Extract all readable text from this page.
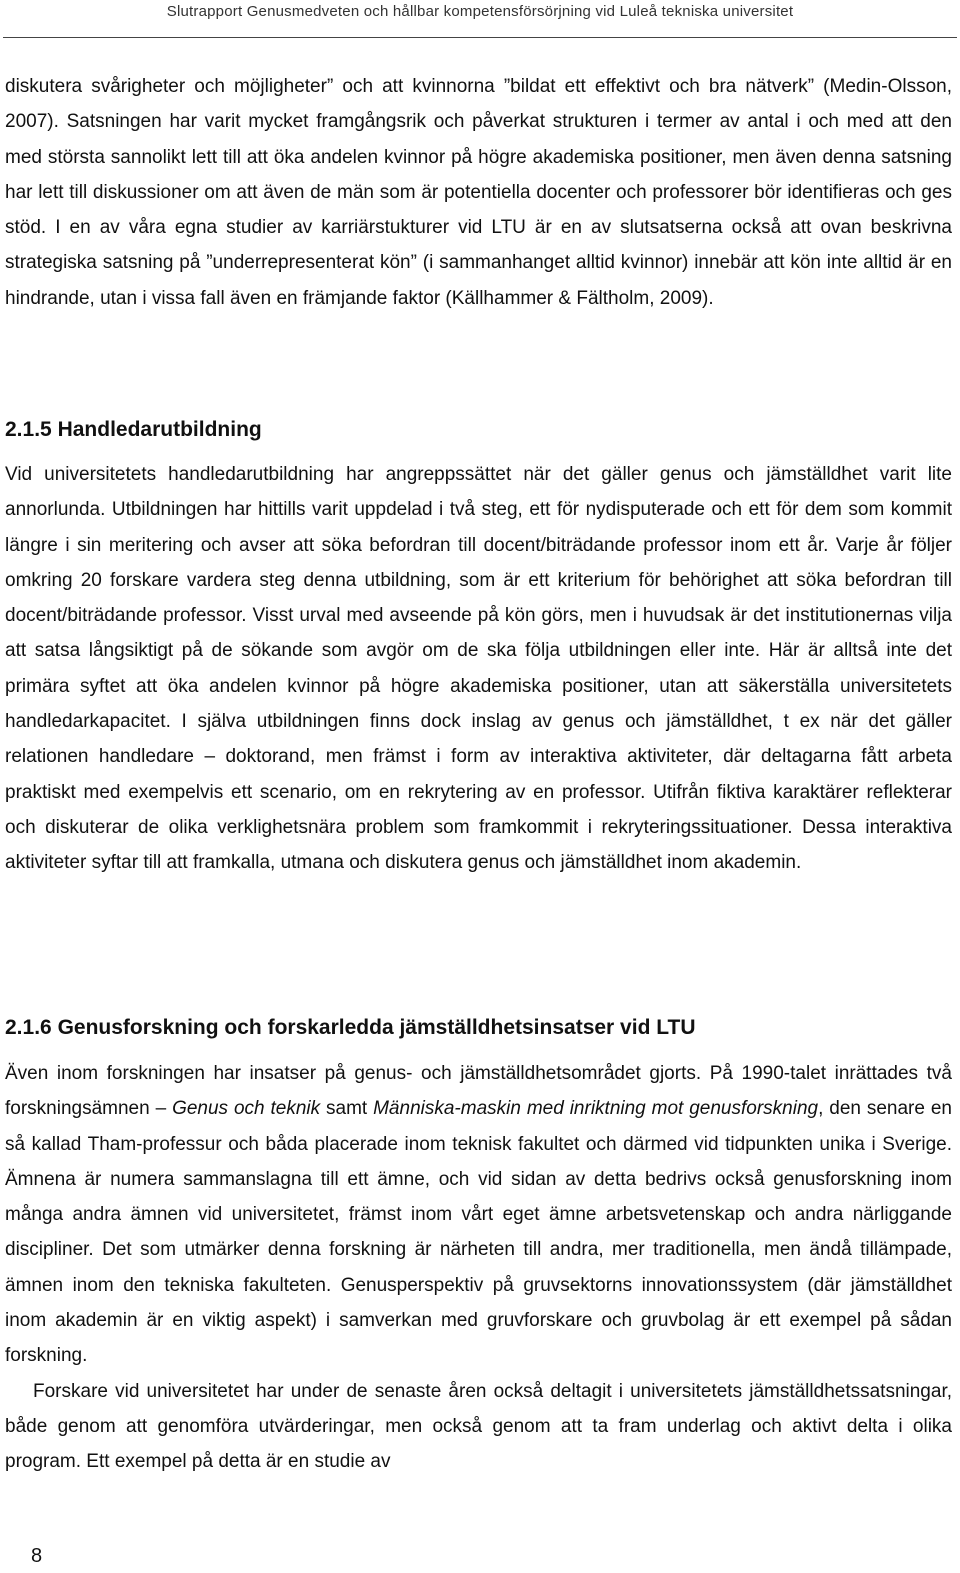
Slutrapport Genusmedveten och hållbar kompetensförsörjning vid Luleå tekniska universitet

diskutera svårigheter och möjligheter” och att kvinnorna ”bildat ett effektivt och bra nätverk” (Medin-Olsson, 2007). Satsningen har varit mycket framgångsrik och påverkat strukturen i termer av antal i och med att den med största sannolikt lett till att öka andelen kvinnor på högre akademiska positioner, men även denna satsning har lett till diskussioner om att även de män som är potentiella docenter och professorer bör identifieras och ges stöd. I en av våra egna studier av karriärstukturer vid LTU är en av slutsatserna också att ovan beskrivna strategiska satsning på ”underrepresenterat kön” (i sammanhanget alltid kvinnor) innebär att kön inte alltid är en hindrande, utan i vissa fall även en främjande faktor (Källhammer & Fältholm, 2009).

2.1.5 Handledarutbildning

Vid universitetets handledarutbildning har angreppssättet när det gäller genus och jämställdhet varit lite annorlunda. Utbildningen har hittills varit uppdelad i två steg, ett för nydisputerade och ett för dem som kommit längre i sin meritering och avser att söka befordran till docent/biträdande professor inom ett år. Varje år följer omkring 20 forskare vardera steg denna utbildning, som är ett kriterium för behörighet att söka befordran till docent/biträdande professor. Visst urval med avseende på kön görs, men i huvudsak är det institutionernas vilja att satsa långsiktigt på de sökande som avgör om de ska följa utbildningen eller inte. Här är alltså inte det primära syftet att öka andelen kvinnor på högre akademiska positioner, utan att säkerställa universitetets handledarkapacitet. I själva utbildningen finns dock inslag av genus och jämställdhet, t ex när det gäller relationen handledare – doktorand, men främst i form av interaktiva aktiviteter, där deltagarna fått arbeta praktiskt med exempelvis ett scenario, om en rekrytering av en professor. Utifrån fiktiva karaktärer reflekterar och diskuterar de olika verklighetsnära problem som framkommit i rekryteringssituationer. Dessa interaktiva aktiviteter syftar till att framkalla, utmana och diskutera genus och jämställdhet inom akademin.

2.1.6 Genusforskning och forskarledda jämställdhetsinsatser vid LTU

Även inom forskningen har insatser på genus- och jämställdhetsområdet gjorts. På 1990-talet inrättades två forskningsämnen – Genus och teknik samt Människa-maskin med inriktning mot genusforskning, den senare en så kallad Tham-professur och båda placerade inom teknisk fakultet och därmed vid tidpunkten unika i Sverige. Ämnena är numera sammanslagna till ett ämne, och vid sidan av detta bedrivs också genusforskning inom många andra ämnen vid universitetet, främst inom vårt eget ämne arbetsvetenskap och andra närliggande discipliner. Det som utmärker denna forskning är närheten till andra, mer traditionella, men ändå tillämpade, ämnen inom den tekniska fakulteten. Genusperspektiv på gruvsektorns innovationssystem (där jämställdhet inom akademin är en viktig aspekt) i samverkan med gruvforskare och gruvbolag är ett exempel på sådan forskning.

Forskare vid universitetet har under de senaste åren också deltagit i universitetets jämställdhetssatsningar, både genom att genomföra utvärderingar, men också genom att ta fram underlag och aktivt delta i olika program. Ett exempel på detta är en studie av

8
